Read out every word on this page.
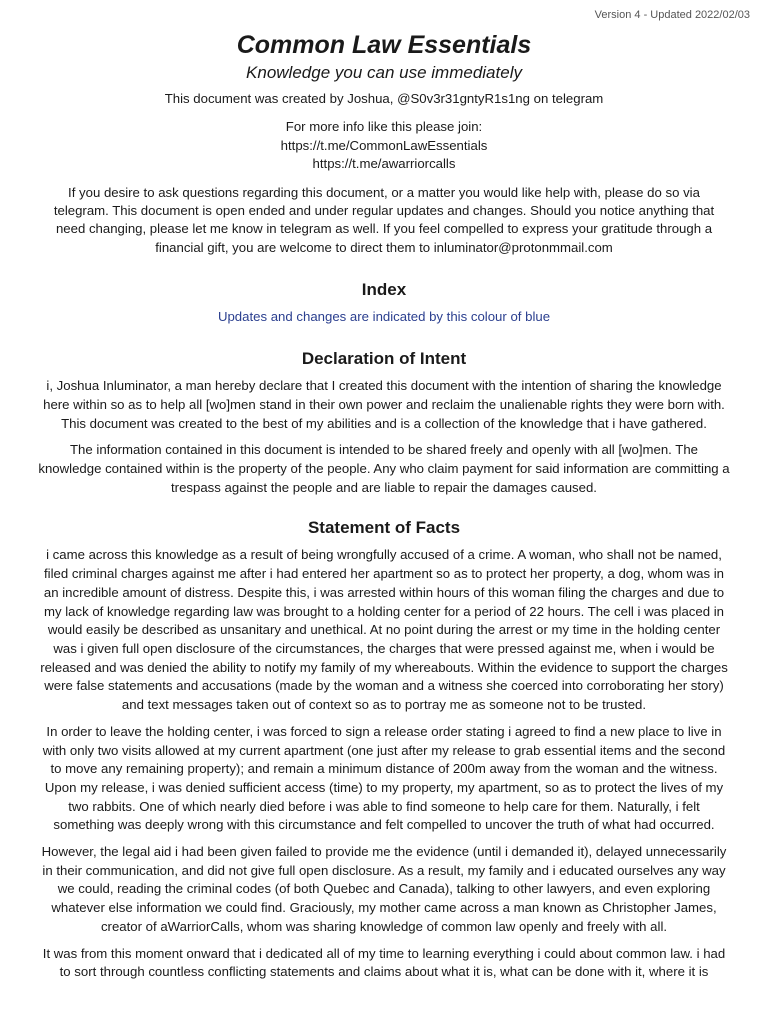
Version 4 - Updated 2022/02/03
Common Law Essentials
Knowledge you can use immediately

This document was created by Joshua, @S0v3r31gntyR1s1ng on telegram

For more info like this please join:
https://t.me/CommonLawEssentials
https://t.me/awarriorcalls

If you desire to ask questions regarding this document, or a matter you would like help with, please do so via telegram. This document is open ended and under regular updates and changes. Should you notice anything that need changing, please let me know in telegram as well. If you feel compelled to express your gratitude through a financial gift, you are welcome to direct them to inluminator@protonmmail.com

Index

Updates and changes are indicated by this colour of blue

Declaration of Intent

i, Joshua Inluminator, a man hereby declare that I created this document with the intention of sharing the knowledge here within so as to help all [wo]men stand in their own power and reclaim the unalienable rights they were born with. This document was created to the best of my abilities and is a collection of the knowledge that i have gathered.

The information contained in this document is intended to be shared freely and openly with all [wo]men. The knowledge contained within is the property of the people. Any who claim payment for said information are committing a trespass against the people and are liable to repair the damages caused.

Statement of Facts

i came across this knowledge as a result of being wrongfully accused of a crime. A woman, who shall not be named, filed criminal charges against me after i had entered her apartment so as to protect her property, a dog, whom was in an incredible amount of distress. Despite this, i was arrested within hours of this woman filing the charges and due to my lack of knowledge regarding law was brought to a holding center for a period of 22 hours. The cell i was placed in would easily be described as unsanitary and unethical. At no point during the arrest or my time in the holding center was i given full open disclosure of the circumstances, the charges that were pressed against me, when i would be released and was denied the ability to notify my family of my whereabouts. Within the evidence to support the charges were false statements and accusations (made by the woman and a witness she coerced into corroborating her story) and text messages taken out of context so as to portray me as someone not to be trusted.

In order to leave the holding center, i was forced to sign a release order stating i agreed to find a new place to live in with only two visits allowed at my current apartment (one just after my release to grab essential items and the second to move any remaining property); and remain a minimum distance of 200m away from the woman and the witness. Upon my release, i was denied sufficient access (time) to my property, my apartment, so as to protect the lives of my two rabbits. One of which nearly died before i was able to find someone to help care for them. Naturally, i felt something was deeply wrong with this circumstance and felt compelled to uncover the truth of what had occurred.

However, the legal aid i had been given failed to provide me the evidence (until i demanded it), delayed unnecessarily in their communication, and did not give full open disclosure. As a result, my family and i educated ourselves any way we could, reading the criminal codes (of both Quebec and Canada), talking to other lawyers, and even exploring whatever else information we could find. Graciously, my mother came across a man known as Christopher James, creator of aWarriorCalls, whom was sharing knowledge of common law openly and freely with all.

It was from this moment onward that i dedicated all of my time to learning everything i could about common law. i had to sort through countless conflicting statements and claims about what it is, what can be done with it, where it is
